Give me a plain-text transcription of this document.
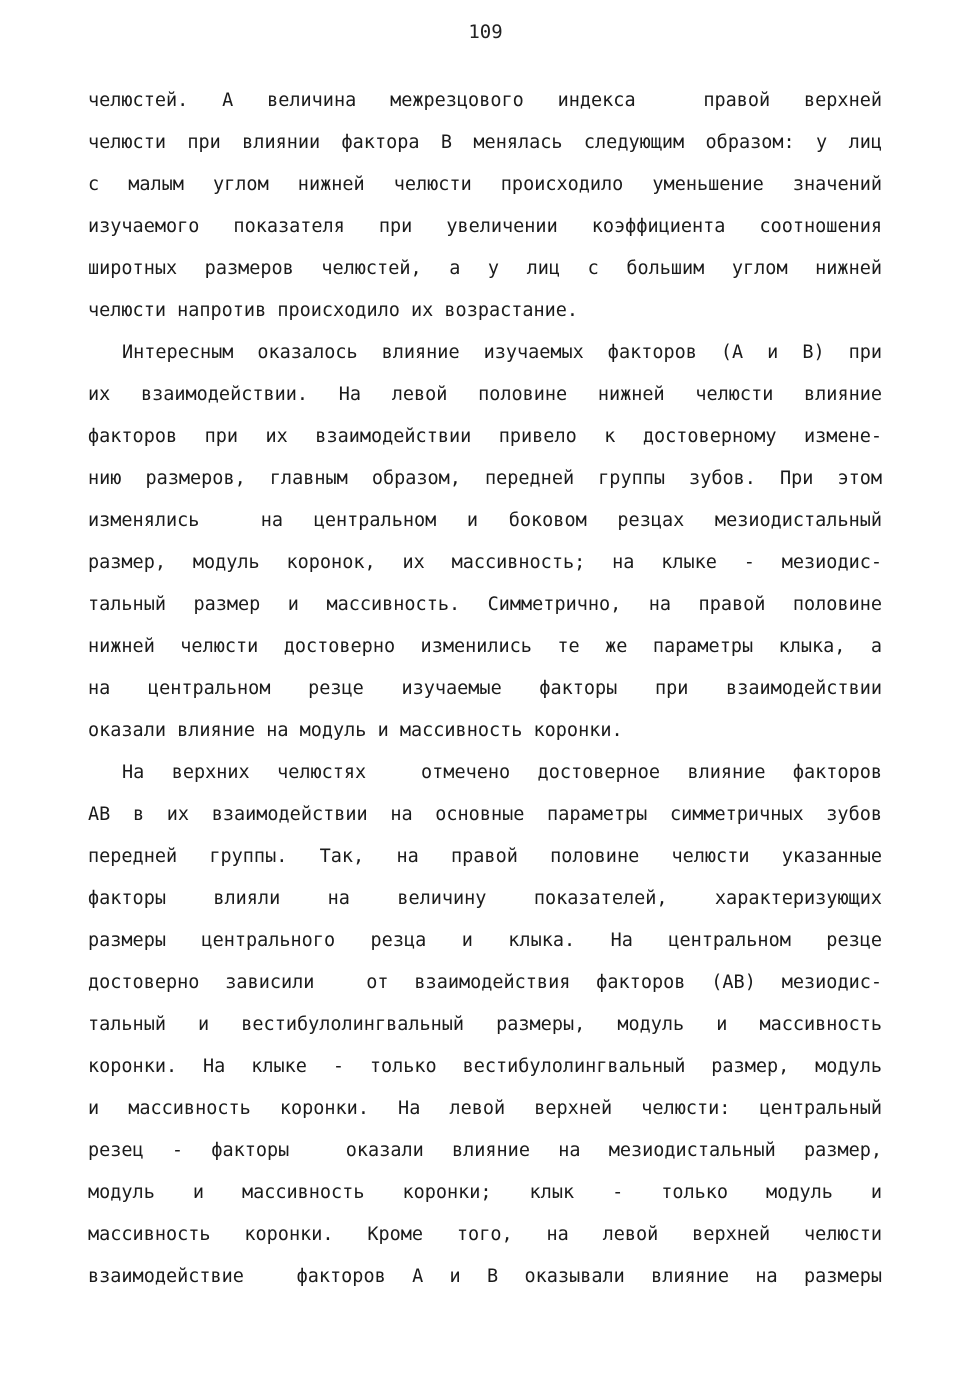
109
челюстей. А величина межрезцового индекса  правой верхней
челюсти при влиянии фактора В менялась следующим образом: у лиц
с малым углом нижней челюсти происходило уменьшение значений
изучаемого показателя при увеличении коэффициента соотношения
широтных размеров челюстей, а у лиц с большим углом нижней
челюсти напротив происходило их возрастание.
Интересным оказалось влияние изучаемых факторов (А и В) при
их взаимодействии. На левой половине нижней челюсти влияние
факторов при их взаимодействии привело к достоверному измене-
нию размеров, главным образом, передней группы зубов. При этом
изменялись  на центральном и боковом резцах мезиодистальный
размер, модуль коронок, их массивность; на клыке - мезиодис-
тальный размер и массивность. Симметрично, на правой половине
нижней челюсти достоверно изменились те же параметры клыка, а
на центральном резце изучаемые факторы при взаимодействии
оказали влияние на модуль и массивность коронки.
На верхних челюстях  отмечено достоверное влияние факторов
АВ в их взаимодействии на основные параметры симметричных зубов
передней группы. Так, на правой половине челюсти указанные
факторы влияли на величину показателей, характеризующих
размеры центрального резца и клыка. На центральном резце
достоверно зависили  от взаимодействия факторов (АВ) мезиодис-
тальный и вестибулолингвальный размеры, модуль и массивность
коронки. На клыке - только вестибулолингвальный размер, модуль
и массивность коронки. На левой верхней челюсти: центральный
резец - факторы  оказали влияние на мезиодистальный размер,
модуль и массивность коронки; клык - только модуль и
массивность коронки. Кроме того, на левой верхней челюсти
взаимодействие  факторов А и В оказывали влияние на размеры
